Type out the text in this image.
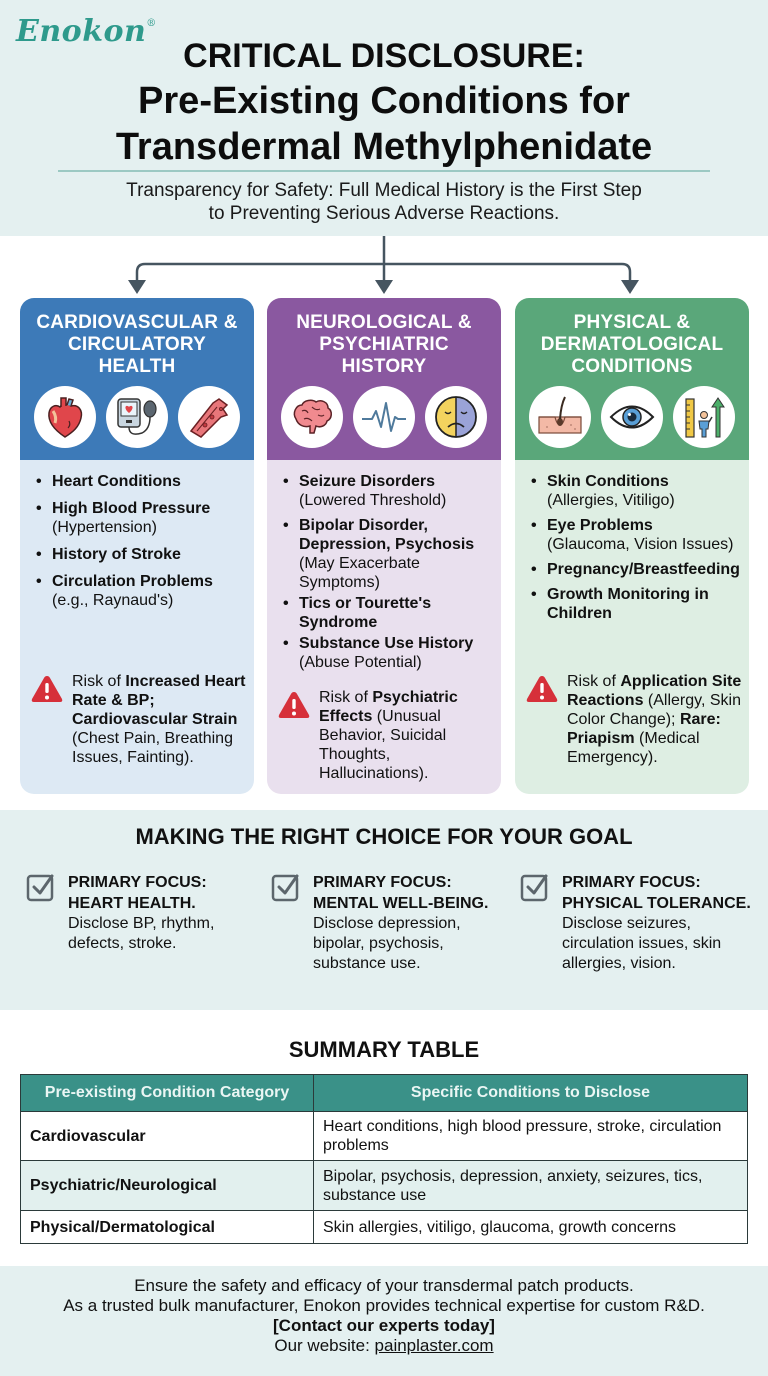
Enokon®
CRITICAL DISCLOSURE:
Pre-Existing Conditions for
Transdermal Methylphenidate
Transparency for Safety: Full Medical History is the First Step
to Preventing Serious Adverse Reactions.
CARDIOVASCULAR &
CIRCULATORY
HEALTH
• Heart Conditions
• High Blood Pressure
(Hypertension)
• History of Stroke
• Circulation Problems
(e.g., Raynaud's)
Risk of Increased Heart Rate & BP; Cardiovascular Strain (Chest Pain, Breathing Issues, Fainting).
NEUROLOGICAL &
PSYCHIATRIC
HISTORY
• Seizure Disorders
(Lowered Threshold)
• Bipolar Disorder, Depression, Psychosis
(May Exacerbate Symptoms)
• Tics or Tourette's Syndrome
• Substance Use History
(Abuse Potential)
Risk of Psychiatric Effects (Unusual Behavior, Suicidal Thoughts, Hallucinations).
PHYSICAL &
DERMATOLOGICAL
CONDITIONS
• Skin Conditions
(Allergies, Vitiligo)
• Eye Problems
(Glaucoma, Vision Issues)
• Pregnancy/Breastfeeding
• Growth Monitoring in Children
Risk of Application Site Reactions (Allergy, Skin Color Change); Rare: Priapism (Medical Emergency).
MAKING THE RIGHT CHOICE FOR YOUR GOAL
PRIMARY FOCUS:
HEART HEALTH.
Disclose BP, rhythm, defects, stroke.
PRIMARY FOCUS:
MENTAL WELL-BEING.
Disclose depression, bipolar, psychosis, substance use.
PRIMARY FOCUS:
PHYSICAL TOLERANCE.
Disclose seizures, circulation issues, skin allergies, vision.
SUMMARY TABLE
Pre-existing Condition Category	Specific Conditions to Disclose
Cardiovascular	Heart conditions, high blood pressure, stroke, circulation problems
Psychiatric/Neurological	Bipolar, psychosis, depression, anxiety, seizures, tics, substance use
Physical/Dermatological	Skin allergies, vitiligo, glaucoma, growth concerns
Ensure the safety and efficacy of your transdermal patch products.
As a trusted bulk manufacturer, Enokon provides technical expertise for custom R&D.
[Contact our experts today]
Our website: painplaster.com
